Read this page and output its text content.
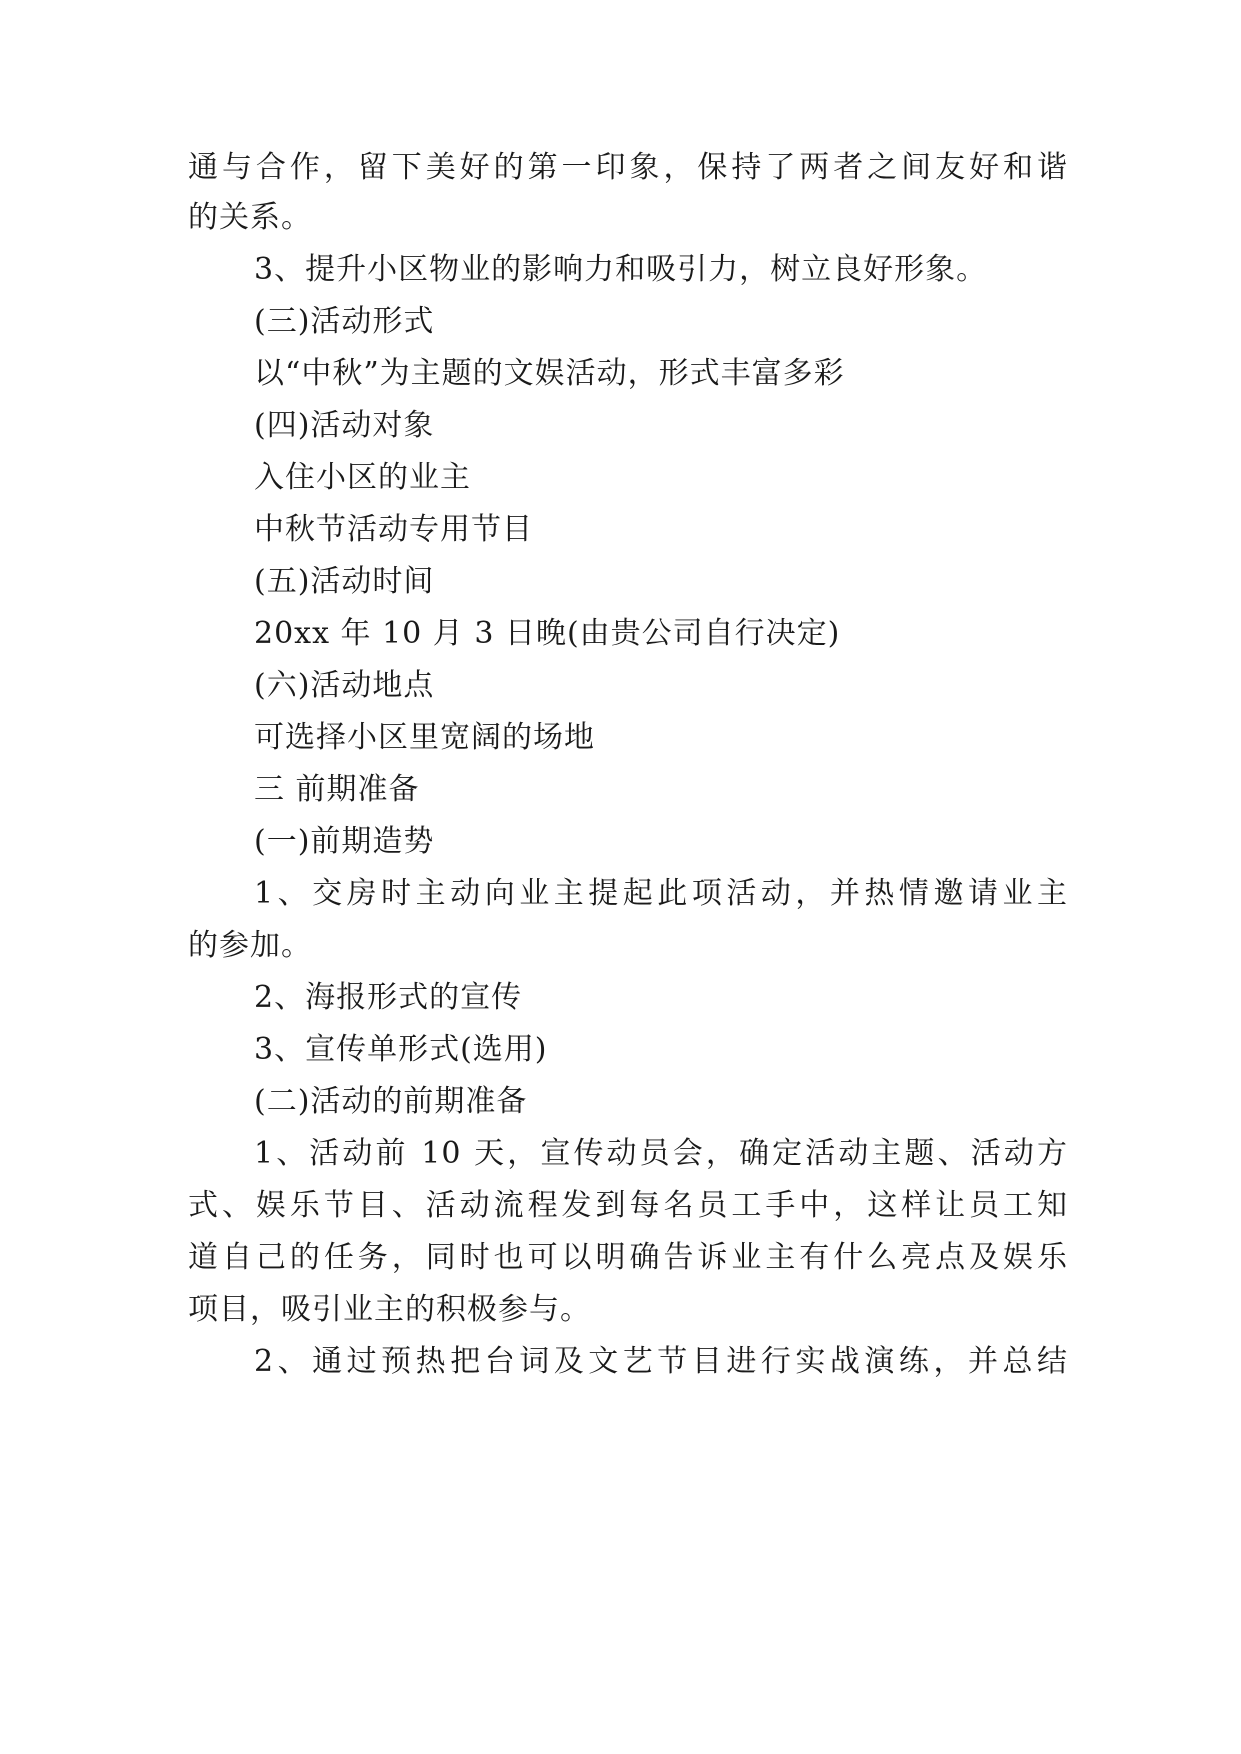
通与合作，留下美好的第一印象，保持了两者之间友好和谐
的关系。
3、提升小区物业的影响力和吸引力，树立良好形象。
(三)活动形式
以“中秋”为主题的文娱活动，形式丰富多彩
(四)活动对象
入住小区的业主
中秋节活动专用节目
(五)活动时间
20xx 年 10 月 3 日晚(由贵公司自行决定)
(六)活动地点
可选择小区里宽阔的场地
三 前期准备
(一)前期造势
1、交房时主动向业主提起此项活动，并热情邀请业主
的参加。
2、海报形式的宣传
3、宣传单形式(选用)
(二)活动的前期准备
1、活动前 10 天，宣传动员会，确定活动主题、活动方
式、娱乐节目、活动流程发到每名员工手中，这样让员工知
道自己的任务，同时也可以明确告诉业主有什么亮点及娱乐
项目，吸引业主的积极参与。
2、通过预热把台词及文艺节目进行实战演练，并总结
